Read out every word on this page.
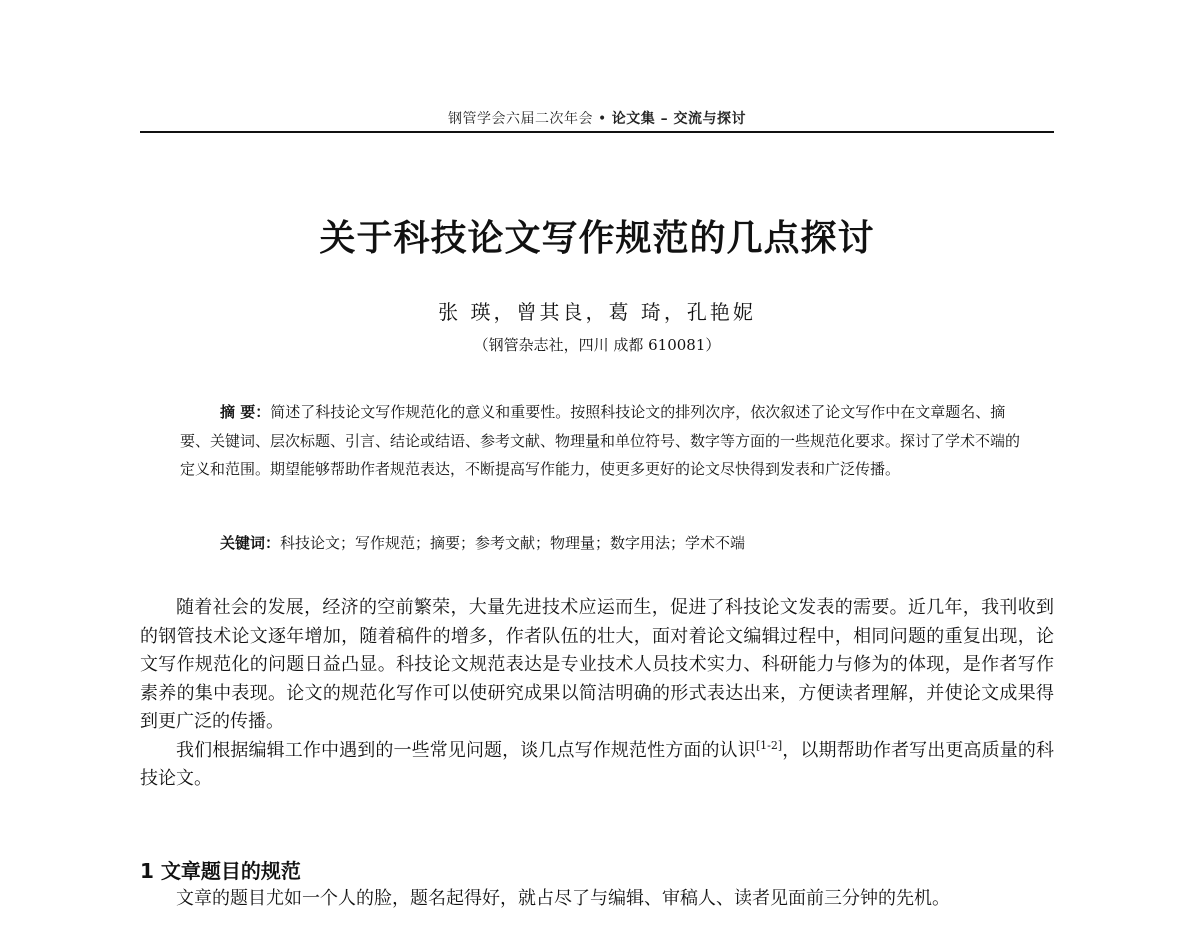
钢管学会六届二次年会 • 论文集 – 交流与探讨
关于科技论文写作规范的几点探讨
张 瑛，曾其良，葛 琦，孔艳妮
（钢管杂志社，四川 成都 610081）
摘 要：简述了科技论文写作规范化的意义和重要性。按照科技论文的排列次序，依次叙述了论文写作中在文章题名、摘要、关键词、层次标题、引言、结论或结语、参考文献、物理量和单位符号、数字等方面的一些规范化要求。探讨了学术不端的定义和范围。期望能够帮助作者规范表达，不断提高写作能力，使更多更好的论文尽快得到发表和广泛传播。
关键词：科技论文；写作规范；摘要；参考文献；物理量；数字用法；学术不端

随着社会的发展，经济的空前繁荣，大量先进技术应运而生，促进了科技论文发表的需要。近几年，我刊收到的钢管技术论文逐年增加，随着稿件的增多，作者队伍的壮大，面对着论文编辑过程中，相同问题的重复出现，论文写作规范化的问题日益凸显。科技论文规范表达是专业技术人员技术实力、科研能力与修为的体现，是作者写作素养的集中表现。论文的规范化写作可以使研究成果以简洁明确的形式表达出来，方便读者理解，并使论文成果得到更广泛的传播。

我们根据编辑工作中遇到的一些常见问题，谈几点写作规范性方面的认识[1-2]，以期帮助作者写出更高质量的科技论文。

1 文章题目的规范

文章的题目尤如一个人的脸，题名起得好，就占尽了与编辑、审稿人、读者见面前三分钟的先机。
